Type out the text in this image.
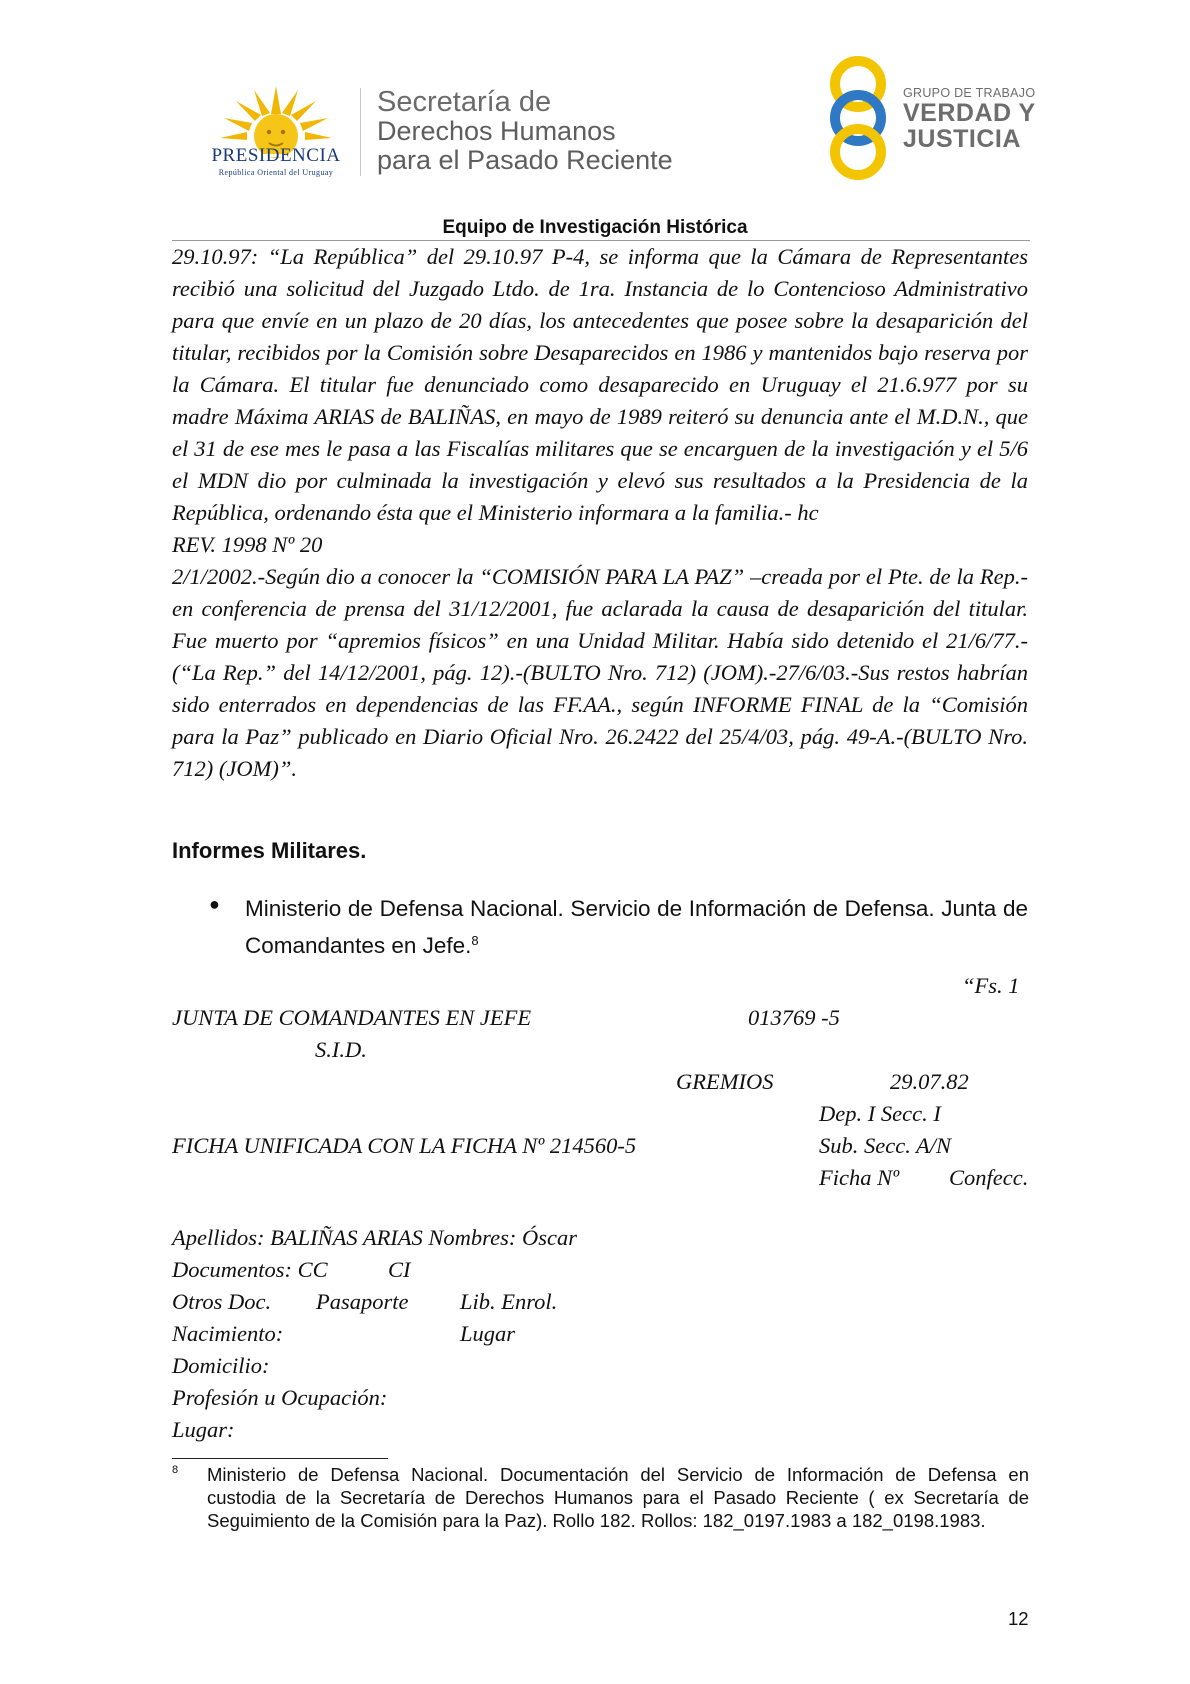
PRESIDENCIA
República Oriental del Uruguay
Secretaría de
Derechos Humanos
para el Pasado Reciente
GRUPO DE TRABAJO
VERDAD Y
JUSTICIA
Equipo de Investigación Histórica

29.10.97: “La República” del 29.10.97 P-4, se informa que la Cámara de Representantes recibió una solicitud del Juzgado Ltdo. de 1ra. Instancia de lo Contencioso Administrativo para que envíe en un plazo de 20 días, los antecedentes que posee sobre la desaparición del titular, recibidos por la Comisión sobre Desaparecidos en 1986 y mantenidos bajo reserva por la Cámara. El titular fue denunciado como desaparecido en Uruguay el 21.6.977 por su madre Máxima ARIAS de BALIÑAS, en mayo de 1989 reiteró su denuncia ante el M.D.N., que el 31 de ese mes le pasa a las Fiscalías militares que se encarguen de la investigación y el 5/6 el MDN dio por culminada la investigación y elevó sus resultados a la Presidencia de la República, ordenando ésta que el Ministerio informara a la familia.- hc

REV. 1998 Nº 20

2/1/2002.-Según dio a conocer la “COMISIÓN PARA LA PAZ” –creada por el Pte. de la Rep.- en conferencia de prensa del 31/12/2001, fue aclarada la causa de desaparición del titular. Fue muerto por “apremios físicos” en una Unidad Militar. Había sido detenido el 21/6/77.-(“La Rep.” del 14/12/2001, pág. 12).-(BULTO Nro. 712) (JOM).-27/6/03.-Sus restos habrían sido enterrados en dependencias de las FF.AA., según INFORME FINAL de la “Comisión para la Paz” publicado en Diario Oficial Nro. 26.2422 del 25/4/03, pág. 49-A.-(BULTO Nro. 712) (JOM)”.

Informes Militares.
● Ministerio de Defensa Nacional. Servicio de Información de Defensa. Junta de Comandantes en Jefe.$^8$
“Fs. 1
JUNTA DE COMANDANTES EN JEFE	013769 -5
S.I.D.
GREMIOS	29.07.82
Dep. I Secc. I
FICHA UNIFICADA CON LA FICHA Nº 214560-5	Sub. Secc. A/N
Ficha Nº Confecc.
Apellidos: BALIÑAS ARIAS Nombres: Óscar
Documentos: CC	CI
Otros Doc. Pasaporte Lib. Enrol.
Nacimiento:	Lugar
Domicilio:
Profesión u Ocupación:
Lugar:
8 Ministerio de Defensa Nacional. Documentación del Servicio de Información de Defensa en custodia de la Secretaría de Derechos Humanos para el Pasado Reciente ( ex Secretaría de Seguimiento de la Comisión para la Paz). Rollo 182. Rollos: 182_0197.1983 a 182_0198.1983.
12
